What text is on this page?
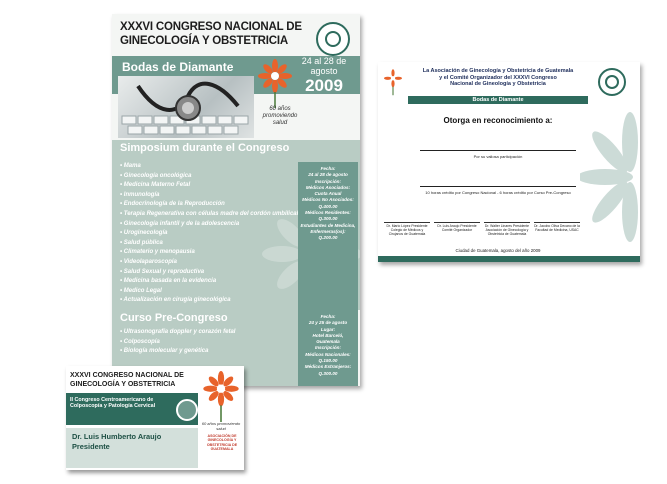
XXXVI CONGRESO NACIONAL DE
GINECOLOGÍA Y OBSTETRICIA
Bodas de Diamante	24 al 28 de agosto
2009
60 años promoviendo salud
Simposium durante el Congreso
• Mama
• Ginecología oncológica
• Medicina Materno Fetal
• Inmunología
• Endocrinología de la Reproducción
• Terapia Regenerativa con células madre del cordón umbilical
• Ginecología infantil y de la adolescencia
• Uroginecología
• Salud pública
• Climaterio y menopausia
• Videolaparoscopía
• Salud Sexual y reproductiva
• Medicina basada en la evidencia
• Medico Legal
• Actualización en cirugía ginecológica
Fecha:
24 al 28 de agosto
Inscripción:
Médicos Asociados:
Cuota Anual
Médicos No Asociados:
Q.400.00
Médicos Residentes:
Q.300.00
Estudiantes de Medicina,
Enfermeras(os):
Q.200.00
Curso Pre-Congreso
• Ultrasonografía doppler y corazón fetal
• Colposcopía
• Biología molecular y genética
Fecha:
24 y 25 de agosto
Lugar:
Hotel Barceló,
Guatemala
Inscripción:
Médicos Nacionales:
Q.150.00
Médicos Extranjeros:
Q.300.00
La Asociación de Ginecología y Obstetricia de Guatemala
y el Comité Organizador del XXXVI Congreso
Nacional de Gineología y Obstetricia
Bodas de Diamante
Otorga en reconocimiento a:
Por su valiosa participación
10 horas crédito por Congreso Nacional - 6 horas crédito por Curso Pre-Congreso
Dr. Mario López Presidente Colegio de Médicos y Cirujanos de Guatemala
Dr. Luis Araujo Presidente Comité Organizador
Dr. Walter Linares Presidente Asociación de Ginecología y Obstetricia de Guatemala
Dr. Jacobo Oliva Decano de la Facultad de Medicina, USAC
Ciudad de Guatemala, agosto del año 2009
XXXVI CONGRESO NACIONAL DE
GINECOLOGÍA Y OBSTETRICIA
II Congreso Centroamericano de Colposcopía y Patología Cervical
Dr. Luis Humberto Araujo
Presidente
60 años promoviendo salud
ASOCIACIÓN DE GINECOLOGÍA Y OBSTETRICIA DE GUATEMALA
